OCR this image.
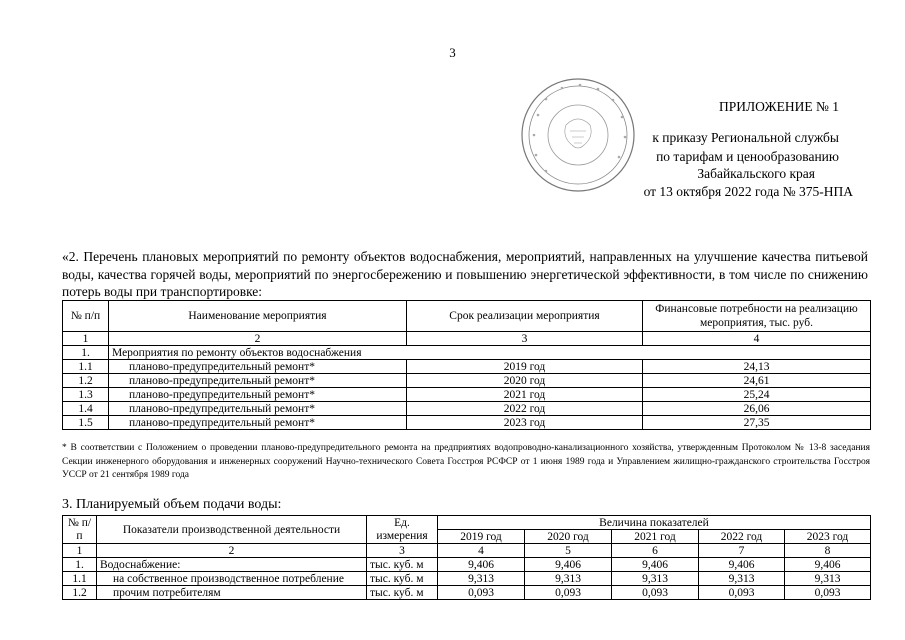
3
ПРИЛОЖЕНИЕ № 1
к приказу Региональной службы
по тарифам и ценообразованию
Забайкальского края
от 13 октября 2022 года № 375-НПА
«2. Перечень плановых мероприятий по ремонту объектов водоснабжения, мероприятий, направленных на улучшение качества питьевой воды, качества горячей воды, мероприятий по энергосбережению и повышению энергетической эффективности, в том числе по снижению потерь воды при транспортировке:
№ п/п	Наименование мероприятия	Срок реализации мероприятия	Финансовые потребности на реализацию мероприятия, тыс. руб.
1	2	3	4
1.	Мероприятия по ремонту объектов водоснабжения		
1.1	планово-предупредительный ремонт*	2019 год	24,13
1.2	планово-предупредительный ремонт*	2020 год	24,61
1.3	планово-предупредительный ремонт*	2021 год	25,24
1.4	планово-предупредительный ремонт*	2022 год	26,06
1.5	планово-предупредительный ремонт*	2023 год	27,35
* В соответствии с Положением о проведении планово-предупредительного ремонта на предприятиях водопроводно-канализационного хозяйства, утвержденным Протоколом № 13-8 заседания Секции инженерного оборудования и инженерных сооружений Научно-технического Совета Госстроя РСФСР от 1 июня 1989 года и Управлением жилищно-гражданского строительства Госстроя УССР от 21 сентября 1989 года
3. Планируемый объем подачи воды:
№ п/п	Показатели производственной деятельности	Ед. измерения	Величина показателей				
			2019 год	2020 год	2021 год	2022 год	2023 год
1	2	3	4	5	6	7	8
1.	Водоснабжение:	тыс. куб. м	9,406	9,406	9,406	9,406	9,406
1.1	на собственное производственное потребление	тыс. куб. м	9,313	9,313	9,313	9,313	9,313
1.2	прочим потребителям	тыс. куб. м	0,093	0,093	0,093	0,093	0,093
